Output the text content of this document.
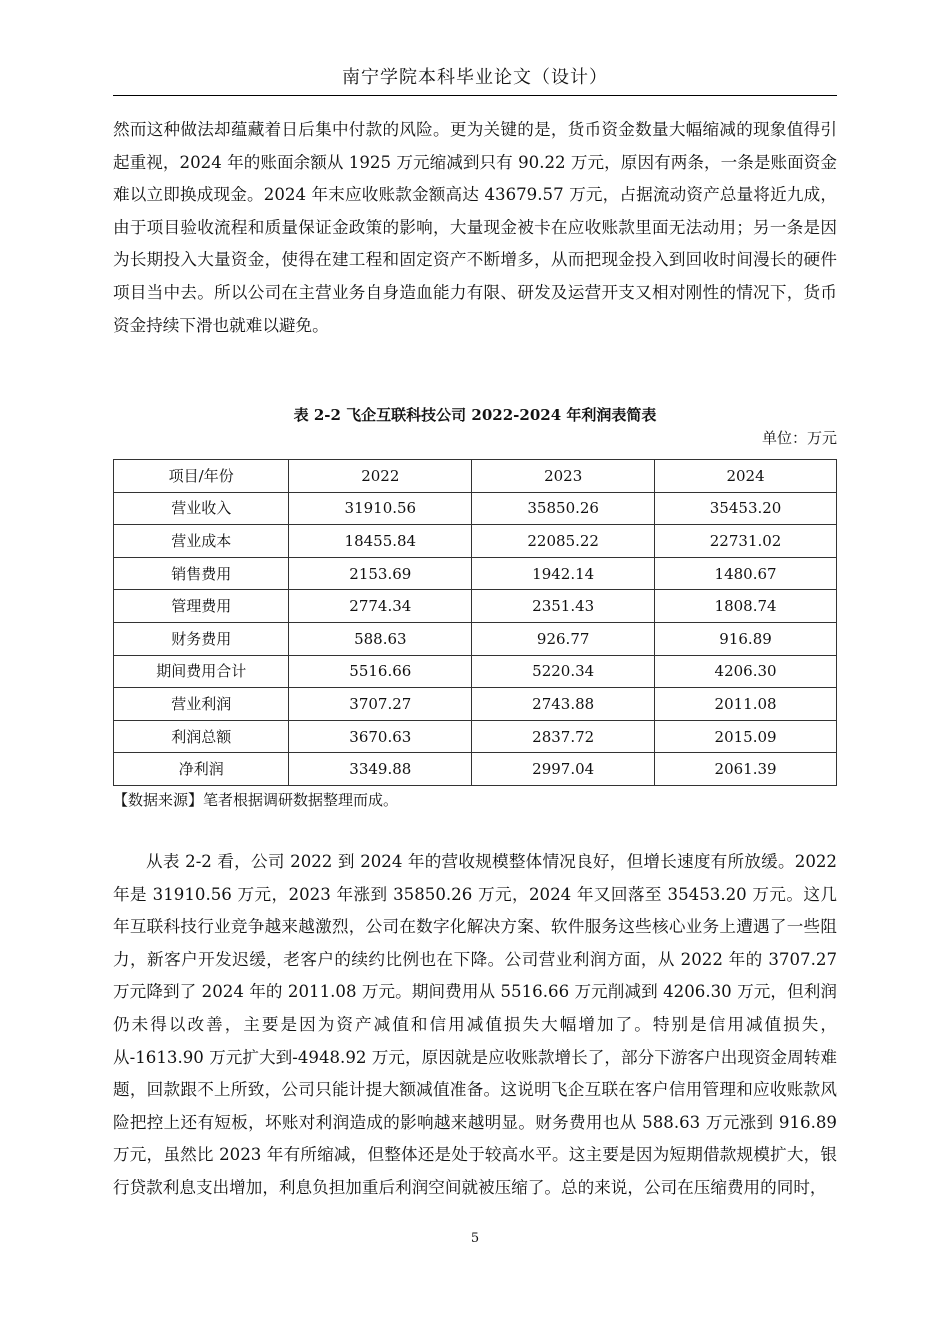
南宁学院本科毕业论文（设计）

然而这种做法却蕴藏着日后集中付款的风险。更为关键的是，货币资金数量大幅缩减的现象值得引起重视，2024 年的账面余额从 1925 万元缩减到只有 90.22 万元，原因有两条，一条是账面资金难以立即换成现金。2024 年末应收账款金额高达 43679.57 万元，占据流动资产总量将近九成，由于项目验收流程和质量保证金政策的影响，大量现金被卡在应收账款里面无法动用；另一条是因为长期投入大量资金，使得在建工程和固定资产不断增多，从而把现金投入到回收时间漫长的硬件项目当中去。所以公司在主营业务自身造血能力有限、研发及运营开支又相对刚性的情况下，货币资金持续下滑也就难以避免。

表 2-2 飞企互联科技公司 2022-2024 年利润表简表
单位：万元
项目/年份	2022	2023	2024
营业收入	31910.56	35850.26	35453.20
营业成本	18455.84	22085.22	22731.02
销售费用	2153.69	1942.14	1480.67
管理费用	2774.34	2351.43	1808.74
财务费用	588.63	926.77	916.89
期间费用合计	5516.66	5220.34	4206.30
营业利润	3707.27	2743.88	2011.08
利润总额	3670.63	2837.72	2015.09
净利润	3349.88	2997.04	2061.39
【数据来源】笔者根据调研数据整理而成。

从表 2-2 看，公司 2022 到 2024 年的营收规模整体情况良好，但增长速度有所放缓。2022 年是 31910.56 万元，2023 年涨到 35850.26 万元，2024 年又回落至 35453.20 万元。这几年互联科技行业竞争越来越激烈，公司在数字化解决方案、软件服务这些核心业务上遭遇了一些阻力，新客户开发迟缓，老客户的续约比例也在下降。公司营业利润方面，从 2022 年的 3707.27 万元降到了 2024 年的 2011.08 万元。期间费用从 5516.66 万元削减到 4206.30 万元，但利润仍未得以改善，主要是因为资产减值和信用减值损失大幅增加了。特别是信用减值损失，从-1613.90 万元扩大到-4948.92 万元，原因就是应收账款增长了，部分下游客户出现资金周转难题，回款跟不上所致，公司只能计提大额减值准备。这说明飞企互联在客户信用管理和应收账款风险把控上还有短板，坏账对利润造成的影响越来越明显。财务费用也从 588.63 万元涨到 916.89 万元，虽然比 2023 年有所缩减，但整体还是处于较高水平。这主要是因为短期借款规模扩大，银行贷款利息支出增加，利息负担加重后利润空间就被压缩了。总的来说，公司在压缩费用的同时，

5
